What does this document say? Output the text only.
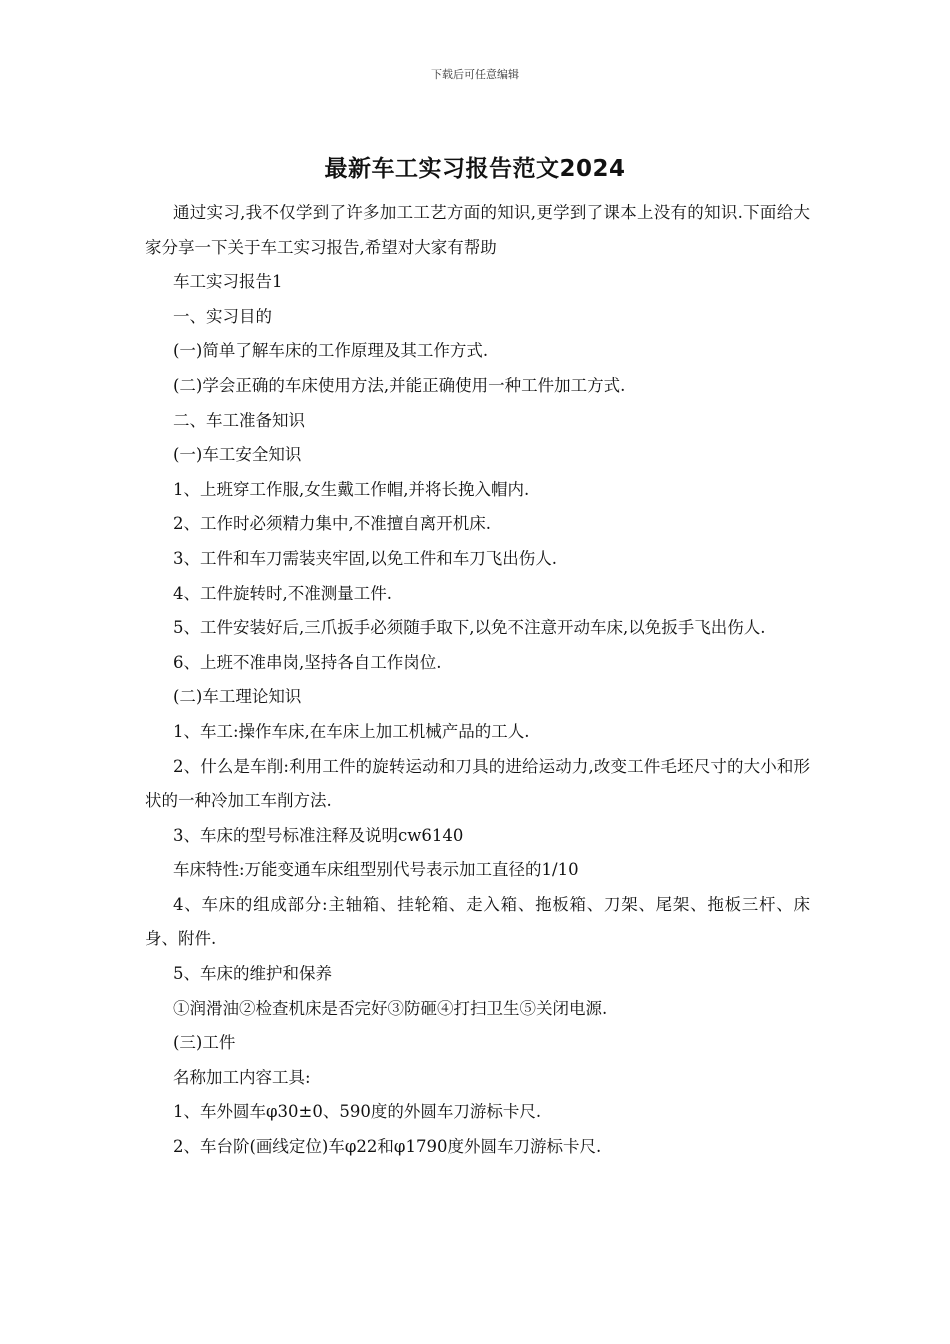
下载后可任意编辑
最新车工实习报告范文2024

通过实习,我不仅学到了许多加工工艺方面的知识,更学到了课本上没有的知识.下面给大家分享一下关于车工实习报告,希望对大家有帮助

车工实习报告1

一、实习目的

(一)简单了解车床的工作原理及其工作方式.

(二)学会正确的车床使用方法,并能正确使用一种工件加工方式.

二、车工准备知识

(一)车工安全知识

1、上班穿工作服,女生戴工作帽,并将长挽入帽内.

2、工作时必须精力集中,不准擅自离开机床.

3、工件和车刀需装夹牢固,以免工件和车刀飞出伤人.

4、工件旋转时,不准测量工件.

5、工件安装好后,三爪扳手必须随手取下,以免不注意开动车床,以免扳手飞出伤人.

6、上班不准串岗,坚持各自工作岗位.

(二)车工理论知识

1、车工:操作车床,在车床上加工机械产品的工人.

2、什么是车削:利用工件的旋转运动和刀具的进给运动力,改变工件毛坯尺寸的大小和形状的一种冷加工车削方法.

3、车床的型号标准注释及说明cw6140

车床特性:万能变通车床组型别代号表示加工直径的1/10

4、车床的组成部分:主轴箱、挂轮箱、走入箱、拖板箱、刀架、尾架、拖板三杆、床身、附件.

5、车床的维护和保养

①润滑油②检查机床是否完好③防砸④打扫卫生⑤关闭电源.

(三)工件

名称加工内容工具:

1、车外圆车φ30±0、590度的外圆车刀游标卡尺.

2、车台阶(画线定位)车φ22和φ1790度外圆车刀游标卡尺.
